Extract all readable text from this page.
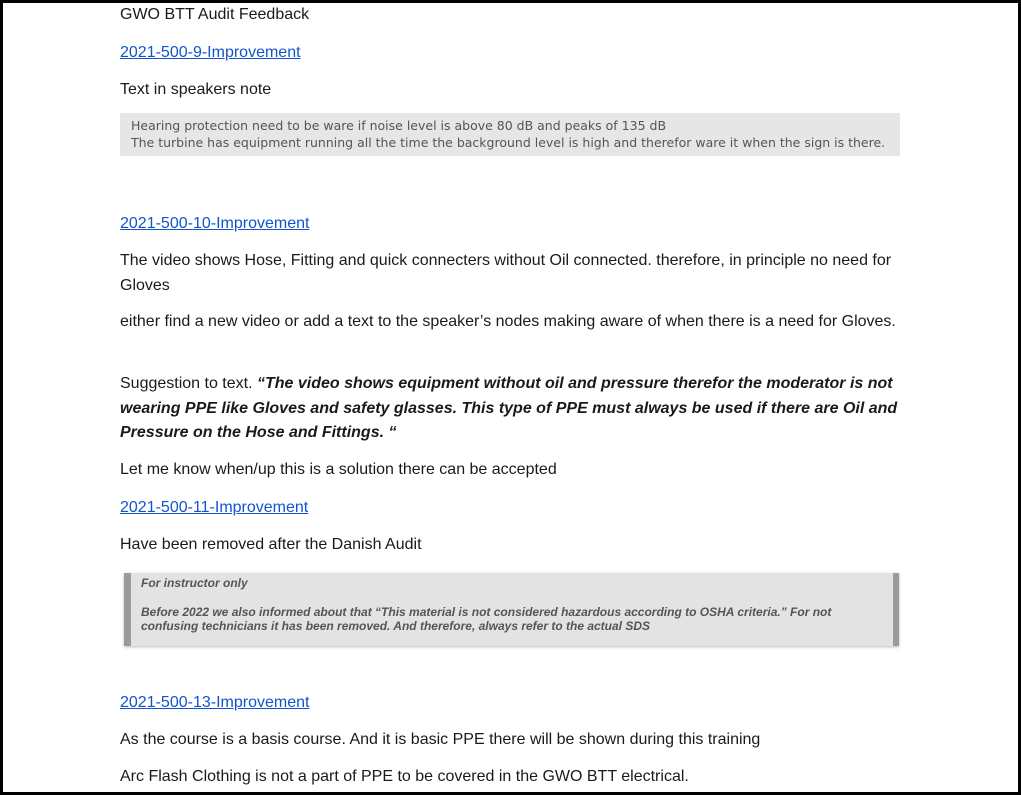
GWO BTT Audit Feedback
2021-500-9-Improvement
Text in speakers note
Hearing protection need to be ware if noise level is above 80 dB and peaks of 135 dB
The turbine has equipment running all the time the background level is high and therefor ware it when the sign is there.
2021-500-10-Improvement
The video shows Hose, Fitting and quick connecters without Oil connected. therefore, in principle no need for Gloves
either find a new video or add a text to the speaker’s nodes making aware of when there is a need for Gloves.
Suggestion to text. “The video shows equipment without oil and pressure therefor the moderator is not wearing PPE like Gloves and safety glasses. This type of PPE must always be used if there are Oil and Pressure on the Hose and Fittings. “
Let me know when/up this is a solution there can be accepted
2021-500-11-Improvement
Have been removed after the Danish Audit
For instructor only
Before 2022 we also informed about that “This material is not considered hazardous according to OSHA criteria.” For not confusing technicians it has been removed. And therefore, always refer to the actual SDS
2021-500-13-Improvement
As the course is a basis course. And it is basic PPE there will be shown during this training
Arc Flash Clothing is not a part of PPE to be covered in the GWO BTT electrical.
